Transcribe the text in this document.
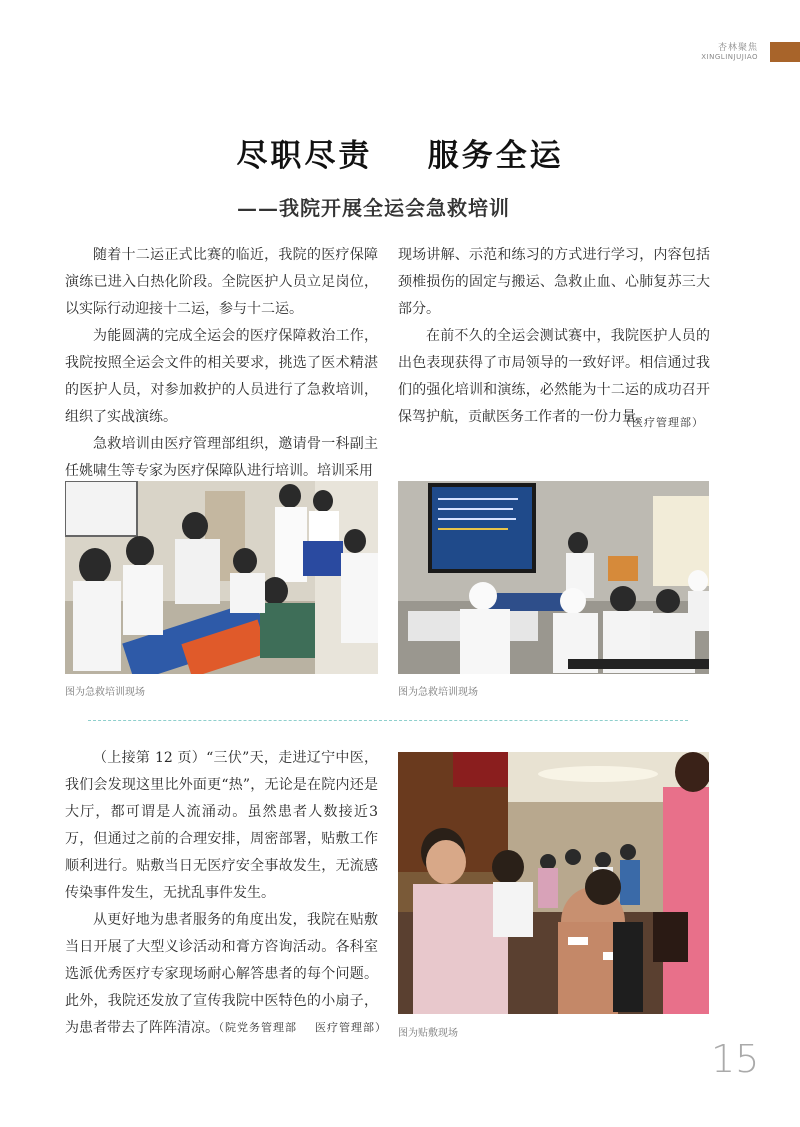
杏林聚焦
XINGLINJUJIAO
尽职尽责    服务全运
——我院开展全运会急救培训

随着十二运正式比赛的临近，我院的医疗保障演练已进入白热化阶段。全院医护人员立足岗位，以实际行动迎接十二运，参与十二运。

为能圆满的完成全运会的医疗保障救治工作，我院按照全运会文件的相关要求，挑选了医术精湛的医护人员，对参加救护的人员进行了急救培训，组织了实战演练。

急救培训由医疗管理部组织，邀请骨一科副主任姚啸生等专家为医疗保障队进行培训。培训采用

现场讲解、示范和练习的方式进行学习，内容包括颈椎损伤的固定与搬运、急救止血、心肺复苏三大部分。

在前不久的全运会测试赛中，我院医护人员的出色表现获得了市局领导的一致好评。相信通过我们的强化培训和演练，必然能为十二运的成功召开保驾护航，贡献医务工作者的一份力量。

（医疗管理部）
图为急救培训现场	图为急救培训现场

（上接第 12 页）“三伏”天，走进辽宁中医，我们会发现这里比外面更“热”，无论是在院内还是大厅，都可谓是人流涌动。虽然患者人数接近3万，但通过之前的合理安排，周密部署，贴敷工作顺利进行。贴敷当日无医疗安全事故发生，无流感传染事件发生，无扰乱事件发生。

从更好地为患者服务的角度出发，我院在贴敷当日开展了大型义诊活动和膏方咨询活动。各科室选派优秀医疗专家现场耐心解答患者的每个问题。此外，我院还发放了宣传我院中医特色的小扇子，为患者带去了阵阵清凉。

（院党务管理部    医疗管理部） 图为贴敷现场
15
